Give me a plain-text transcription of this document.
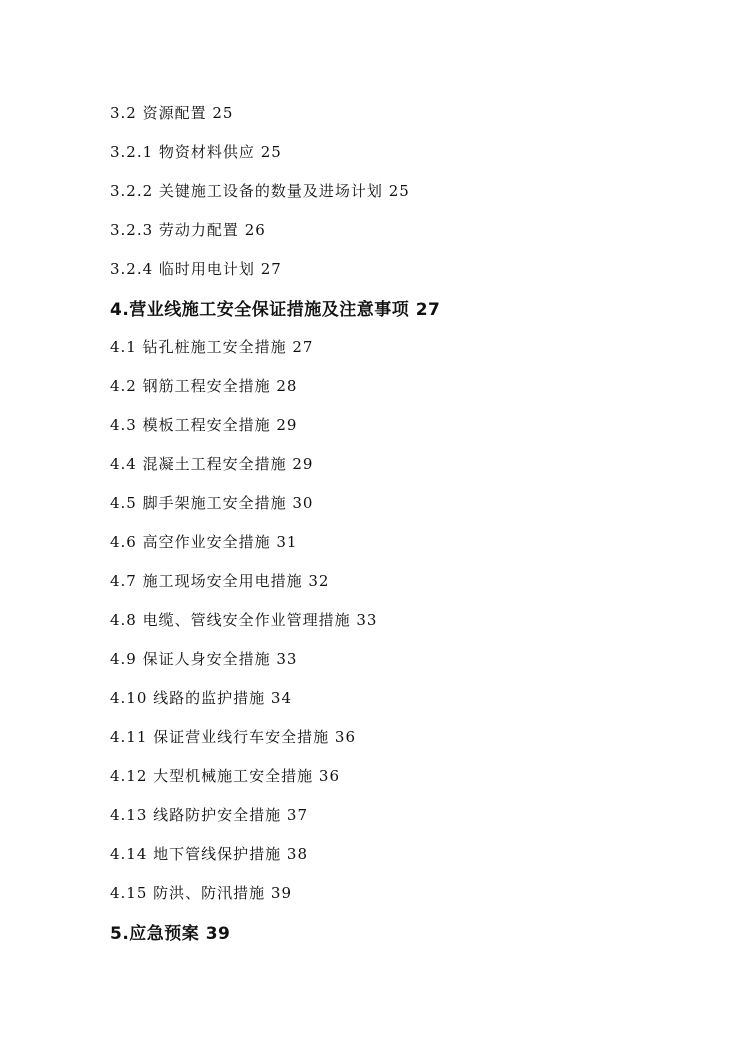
3.2 资源配置 25
3.2.1 物资材料供应 25
3.2.2 关键施工设备的数量及进场计划 25
3.2.3 劳动力配置 26
3.2.4 临时用电计划 27
4.营业线施工安全保证措施及注意事项 27
4.1 钻孔桩施工安全措施 27
4.2 钢筋工程安全措施 28
4.3 模板工程安全措施 29
4.4 混凝土工程安全措施 29
4.5 脚手架施工安全措施 30
4.6 高空作业安全措施 31
4.7 施工现场安全用电措施 32
4.8 电缆、管线安全作业管理措施 33
4.9 保证人身安全措施 33
4.10 线路的监护措施 34
4.11 保证营业线行车安全措施 36
4.12 大型机械施工安全措施 36
4.13 线路防护安全措施 37
4.14 地下管线保护措施 38
4.15 防洪、防汛措施 39
5.应急预案 39
